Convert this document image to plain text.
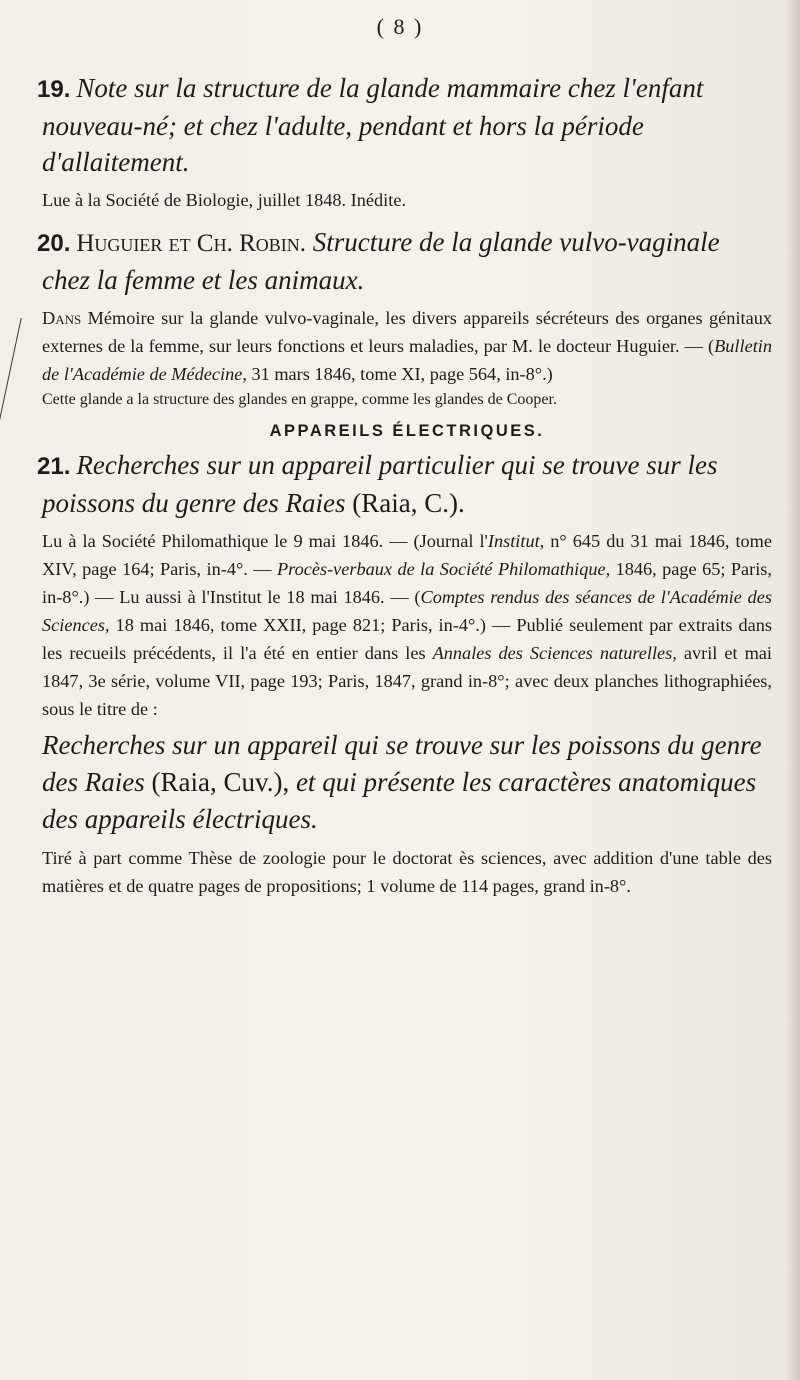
( 8 )

19. Note sur la structure de la glande mammaire chez l'enfant nouveau-né; et chez l'adulte, pendant et hors la période d'allaitement.

Lue à la Société de Biologie, juillet 1848. Inédite.

20. Huguier et Ch. Robin. Structure de la glande vulvo-vaginale chez la femme et les animaux.

Dans Mémoire sur la glande vulvo-vaginale, les divers appareils sécréteurs des organes génitaux externes de la femme, sur leurs fonctions et leurs maladies, par M. le docteur Huguier. — (Bulletin de l'Académie de Médecine, 31 mars 1846, tome XI, page 564, in-8°.)

Cette glande a la structure des glandes en grappe, comme les glandes de Cooper.

APPAREILS ÉLECTRIQUES.

21. Recherches sur un appareil particulier qui se trouve sur les poissons du genre des Raies (Raia, C.).

Lu à la Société Philomathique le 9 mai 1846. — (Journal l'Institut, n° 645 du 31 mai 1846, tome XIV, page 164; Paris, in-4°. — Procès-verbaux de la Société Philomathique, 1846, page 65; Paris, in-8°.) — Lu aussi à l'Institut le 18 mai 1846. — (Comptes rendus des séances de l'Académie des Sciences, 18 mai 1846, tome XXII, page 821; Paris, in-4°.) — Publié seulement par extraits dans les recueils précédents, il l'a été en entier dans les Annales des Sciences naturelles, avril et mai 1847, 3e série, volume VII, page 193; Paris, 1847, grand in-8°; avec deux planches lithographiées, sous le titre de :

Recherches sur un appareil qui se trouve sur les poissons du genre des Raies (Raia, Cuv.), et qui présente les caractères anatomiques des appareils électriques.

Tiré à part comme Thèse de zoologie pour le doctorat ès sciences, avec addition d'une table des matières et de quatre pages de propositions; 1 volume de 114 pages, grand in-8°.
